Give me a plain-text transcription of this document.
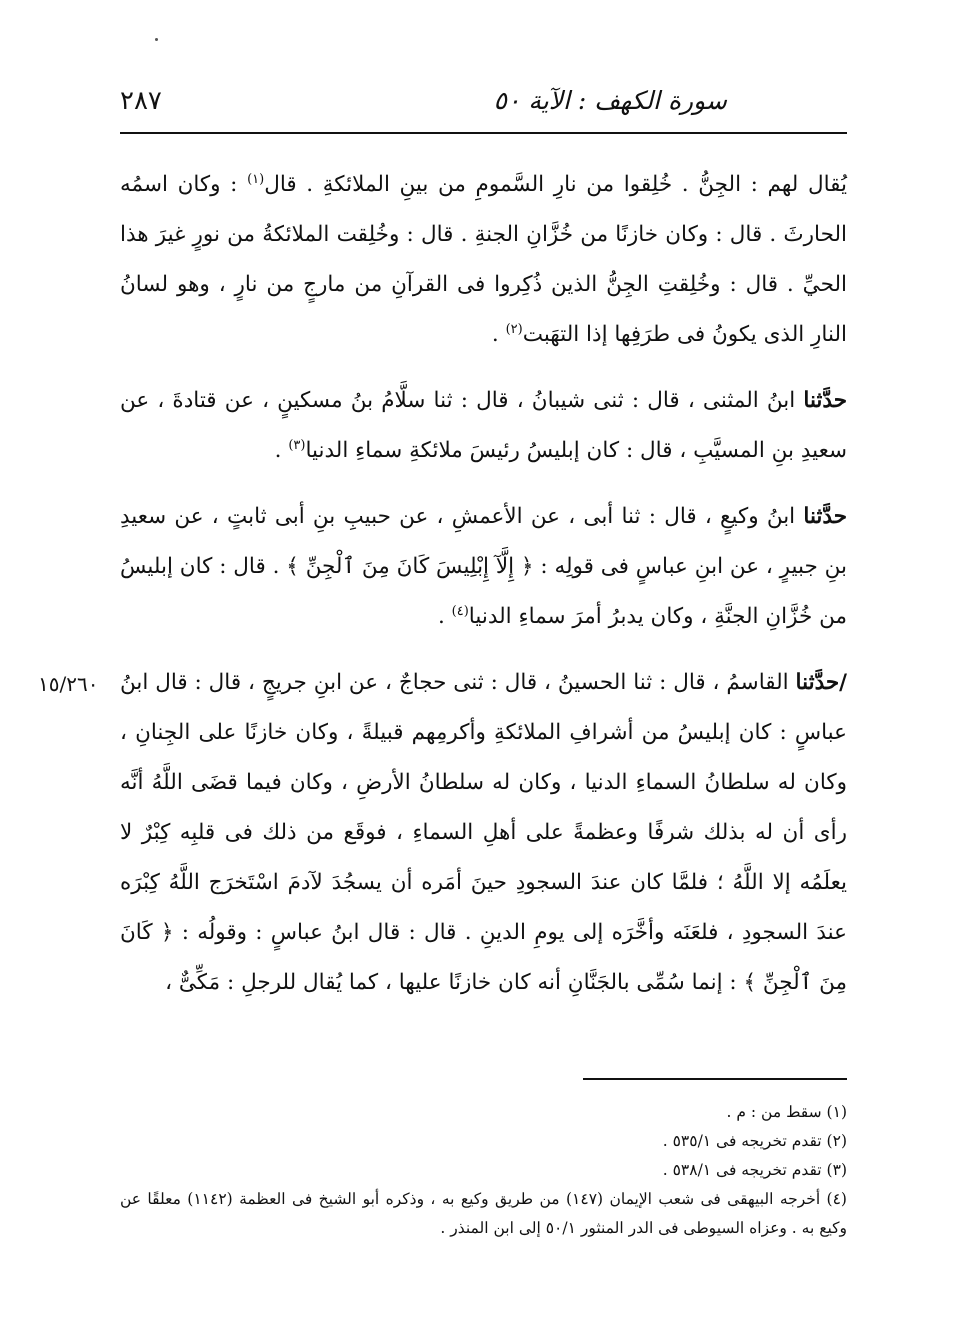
٢٨٧	سورة الكهف : الآية ٥٠

يُقال لهم : الجِنُّ . خُلِقوا من نارِ السَّمومِ من بينِ الملائكةِ . قال$^{(١)}$ : وكان اسمُه الحارثَ . قال : وكان خازنًا من خُزَّانِ الجنةِ . قال : وخُلِقت الملائكةُ من نورٍ غيرَ هذا الحيِّ . قال : وخُلِقتِ الجِنُّ الذين ذُكِروا فى القرآنِ من مارجٍ من نارٍ ، وهو لسانُ النارِ الذى يكونُ فى طرَفِها إذا التهَبت$^{(٢)}$ .

حدَّثنا ابنُ المثنى ، قال : ثنى شيبانُ ، قال : ثنا سلَّامُ بنُ مسكينٍ ، عن قتادةَ ، عن سعيدِ بنِ المسيَّبِ ، قال : كان إبليسُ رئيسَ ملائكةِ سماءِ الدنيا$^{(٣)}$ .

حدَّثنا ابنُ وكيعٍ ، قال : ثنا أبى ، عن الأعمشِ ، عن حبيبِ بنِ أبى ثابتٍ ، عن سعيدِ بنِ جبيرٍ ، عن ابنِ عباسٍ فى قولِه : ﴿ إِلَّآ إِبْلِيسَ كَانَ مِنَ ٱلْجِنِّ ﴾ . قال : كان إبليسُ من خُزَّانِ الجنَّةِ ، وكان يدبرُ أمرَ سماءِ الدنيا$^{(٤)}$ .

/حدَّثنا القاسمُ ، قال : ثنا الحسينُ ، قال : ثنى حجاجٌ ، عن ابنِ جريجٍ ، قال : قال ابنُ عباسٍ : كان إبليسُ من أشرافِ الملائكةِ وأكرمِهم قبيلةً ، وكان خازنًا على الجِنانِ ، وكان له سلطانُ السماءِ الدنيا ، وكان له سلطانُ الأرضِ ، وكان فيما قضَى اللَّهُ أنَّه رأى أن له بذلك شرفًا وعظمةً على أهلِ السماءِ ، فوقَع من ذلك فى قلبِه كِبْرٌ لا يعلَمُه إلا اللَّهُ ؛ فلمَّا كان عندَ السجودِ حينَ أمَره أن يسجُدَ لآدمَ اسْتَخرَج اللَّهُ كِبْرَه عندَ السجودِ ، فلعَنَه وأخَّرَه إلى يومِ الدينِ . قال : قال ابنُ عباسٍ : وقولُه : ﴿ كَانَ مِنَ ٱلْجِنِّ ﴾ : إنما سُمِّى بالجَنَّانِ أنه كان خازنًا عليها ، كما يُقال للرجلِ : مَكِّىٌّ ،

١٥/٢٦٠

(١) سقط من : م .

(٢) تقدم تخريجه فى ٥٣٥/١ .

(٣) تقدم تخريجه فى ٥٣٨/١ .

(٤) أخرجه البيهقى فى شعب الإيمان (١٤٧) من طريق وكيع به ، وذكره أبو الشيخ فى العظمة (١١٤٢) معلقًا عن وكيع به . وعزاه السيوطى فى الدر المنثور ٥٠/١ إلى ابن المنذر .
